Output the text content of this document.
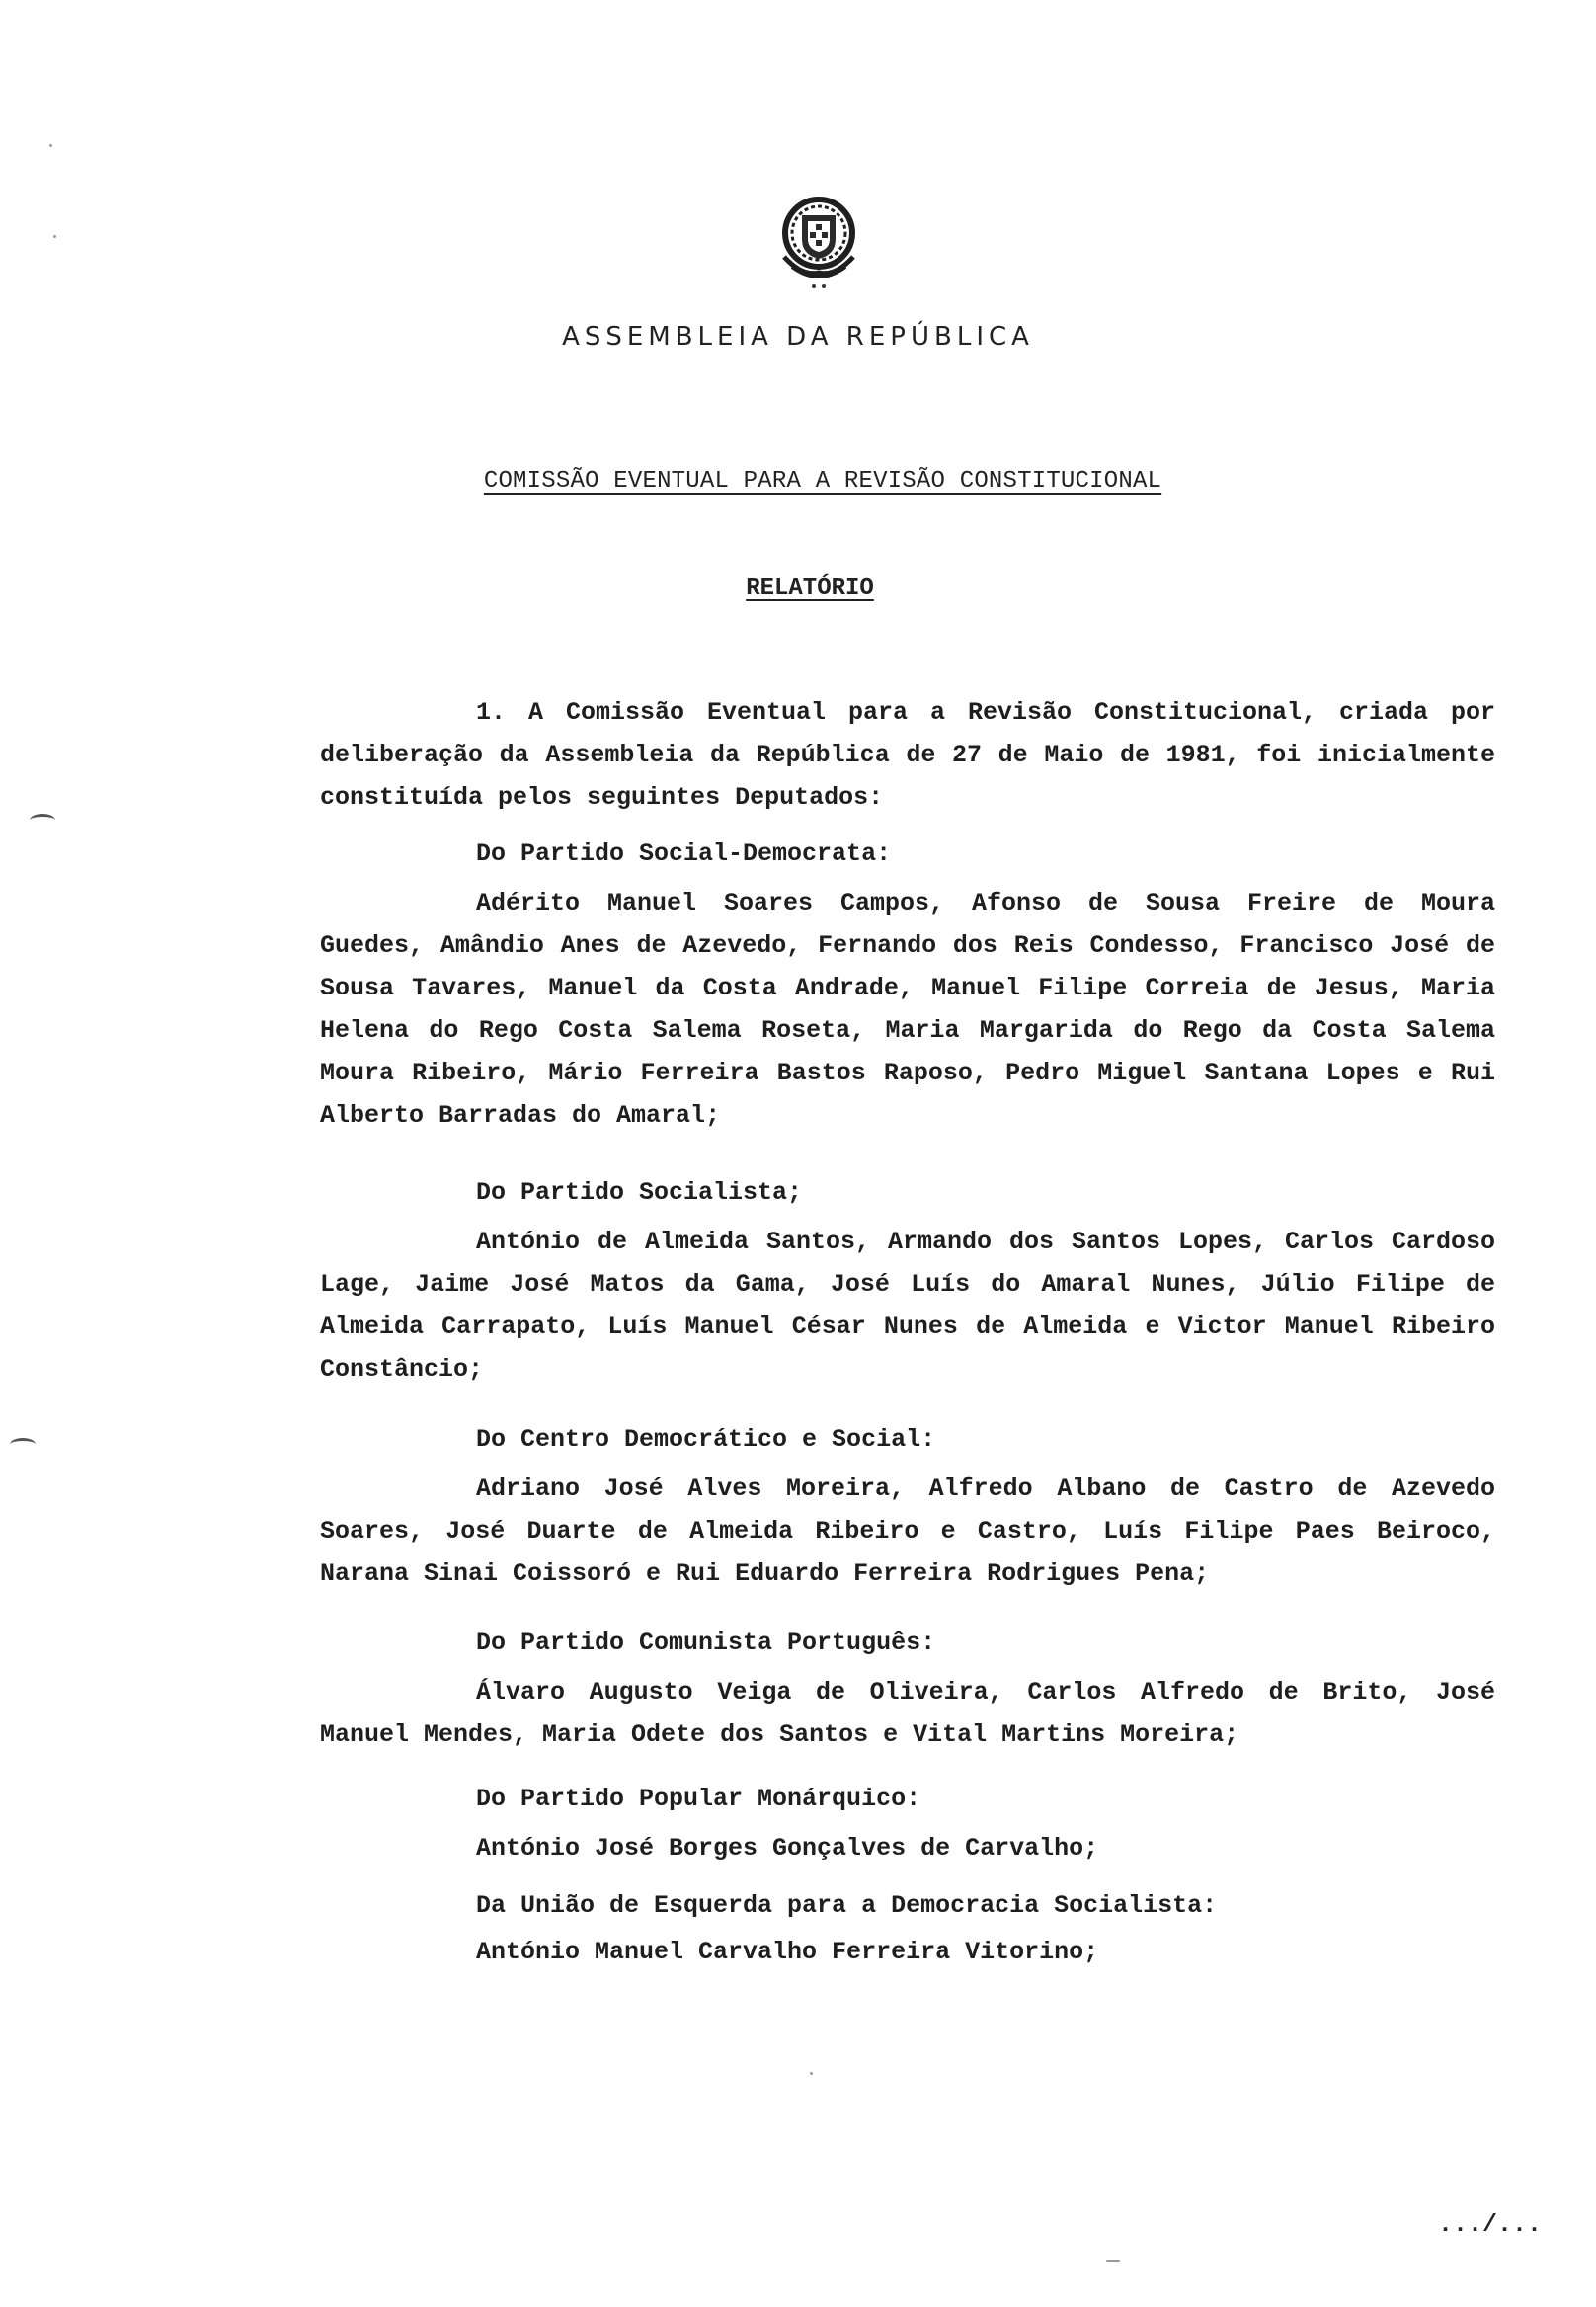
ASSEMBLEIA DA REPÚBLICA
COMISSÃO EVENTUAL PARA A REVISÃO CONSTITUCIONAL
RELATÓRIO

1. A Comissão Eventual para a Revisão Constitucional, criada por deliberação da Assembleia da República de 27 de Maio de 1981, foi inicialmente constituída pelos seguintes Deputados:

Do Partido Social-Democrata:

Adérito Manuel Soares Campos, Afonso de Sousa Freire de Moura Guedes, Amândio Anes de Azevedo, Fernando dos Reis Condesso, Francisco José de Sousa Tavares, Manuel da Costa Andrade, Manuel Filipe Correia de Jesus, Maria Helena do Rego Costa Salema Roseta, Maria Margarida do Rego da Costa Salema Moura Ribeiro, Mário Ferreira Bastos Raposo, Pedro Miguel Santana Lopes e Rui Alberto Barradas do Amaral;

Do Partido Socialista;

António de Almeida Santos, Armando dos Santos Lopes, Carlos Cardoso Lage, Jaime José Matos da Gama, José Luís do Amaral Nunes, Júlio Filipe de Almeida Carrapato, Luís Manuel César Nunes de Almeida e Victor Manuel Ribeiro Constâncio;

Do Centro Democrático e Social:

Adriano José Alves Moreira, Alfredo Albano de Castro de Azevedo Soares, José Duarte de Almeida Ribeiro e Castro, Luís Filipe Paes Beiroco, Narana Sinai Coissoró e Rui Eduardo Ferreira Rodrigues Pena;

Do Partido Comunista Português:

Álvaro Augusto Veiga de Oliveira, Carlos Alfredo de Brito, José Manuel Mendes, Maria Odete dos Santos e Vital Martins Moreira;

Do Partido Popular Monárquico:

António José Borges Gonçalves de Carvalho;

Da União de Esquerda para a Democracia Socialista:

António Manuel Carvalho Ferreira Vitorino;

.../...
